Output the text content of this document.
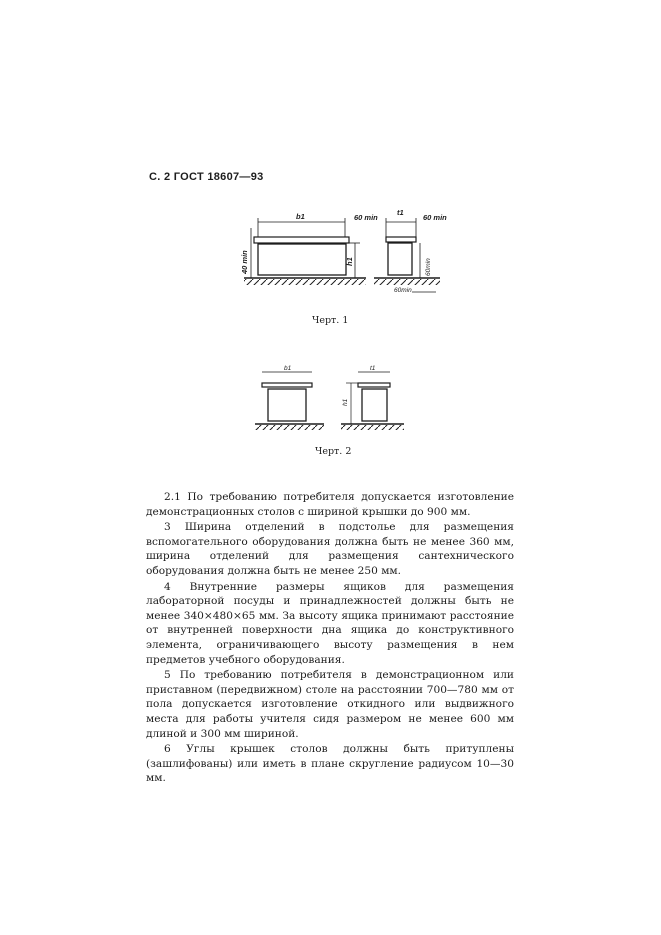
С. 2 ГОСТ 18607—93
b1	60 min
40 min	h1
t1
60 min
60min
60min
b1	t1
h1
Черт. 1
Черт. 2

2.1 По требованию потребителя допускается изготовление демонстрационных столов с шириной крышки до 900 мм.

3 Ширина отделений в подстолье для размещения вспомогательного оборудования должна быть не менее 360 мм, ширина отделений для размещения сантехнического оборудования должна быть не менее 250 мм.

4 Внутренние размеры ящиков для размещения лабораторной посуды и принадлежностей должны быть не менее 340×480×65 мм. За высоту ящика принимают расстояние от внутренней поверхности дна ящика до конструктивного элемента, ограничивающего высоту размещения в нем предметов учебного оборудования.

5 По требованию потребителя в демонстрационном или приставном (передвижном) столе на расстоянии 700—780 мм от пола допускается изготовление откидного или выдвижного места для работы учителя сидя размером не менее 600 мм длиной и 300 мм шириной.

6 Углы крышек столов должны быть притуплены (зашлифованы) или иметь в плане скругление радиусом 10—30 мм.
